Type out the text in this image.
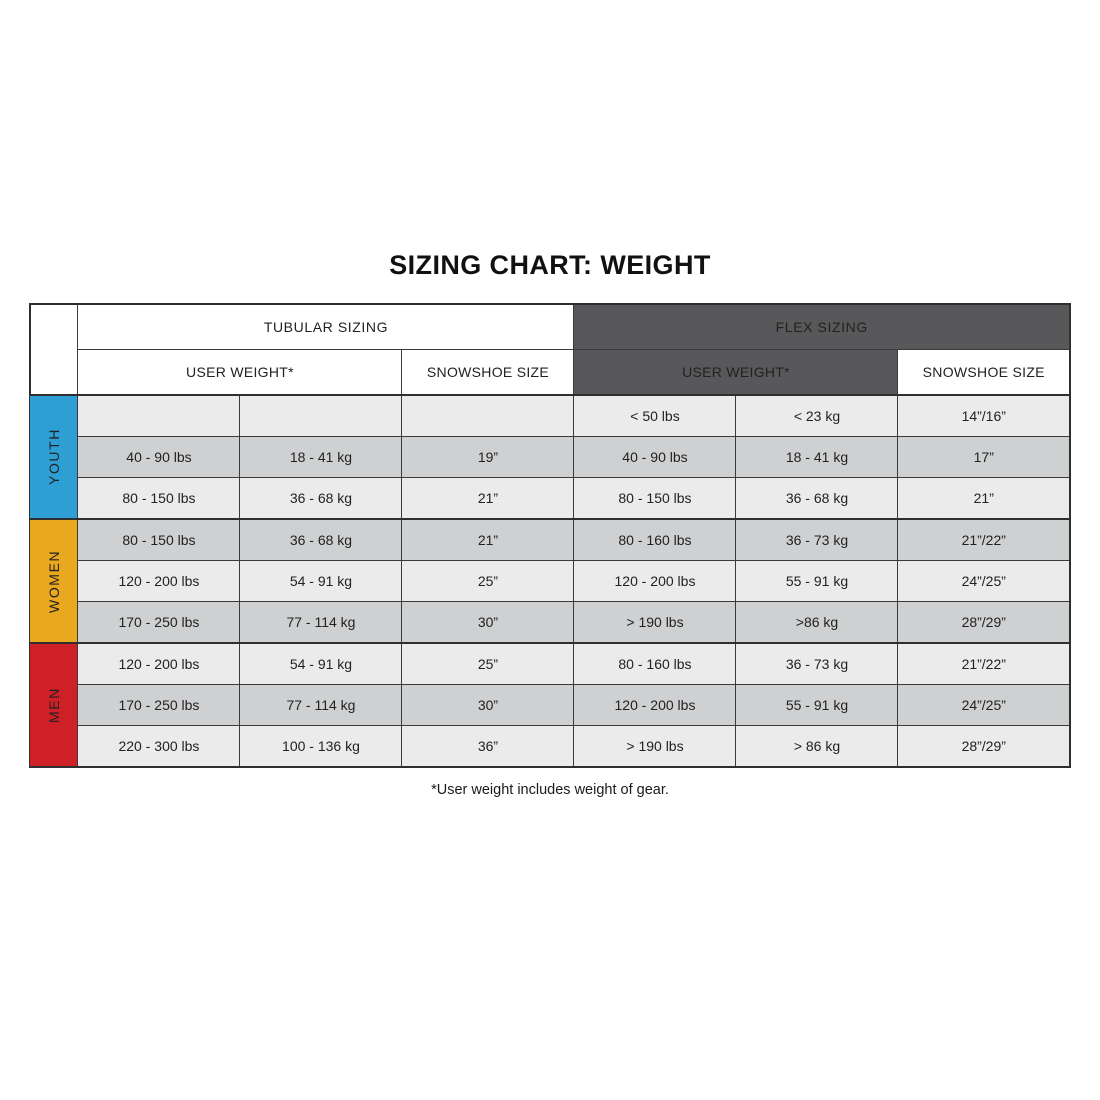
SIZING CHART: WEIGHT
	TUBULAR SIZING			FLEX SIZING		
	USER WEIGHT*		SNOWSHOE SIZE	USER WEIGHT*		SNOWSHOE SIZE
YOUTH				< 50 lbs	< 23 kg	14”/16”
	40 - 90 lbs	18 - 41 kg	19”	40 - 90 lbs	18 - 41 kg	17”
	80 - 150 lbs	36 - 68 kg	21”	80 - 150 lbs	36 - 68 kg	21”
WOMEN	80 - 150 lbs	36 - 68 kg	21”	80 - 160 lbs	36 - 73 kg	21”/22”
	120 - 200 lbs	54 - 91 kg	25”	120 - 200 lbs	55 - 91 kg	24”/25”
	170 - 250 lbs	77 - 114 kg	30”	> 190 lbs	>86 kg	28”/29”
MEN	120 - 200 lbs	54 - 91 kg	25”	80 - 160 lbs	36 - 73 kg	21”/22”
	170 - 250 lbs	77 - 114 kg	30”	120 - 200 lbs	55 - 91 kg	24”/25”
	220 - 300 lbs	100 - 136 kg	36”	> 190 lbs	> 86 kg	28”/29”
*User weight includes weight of gear.
